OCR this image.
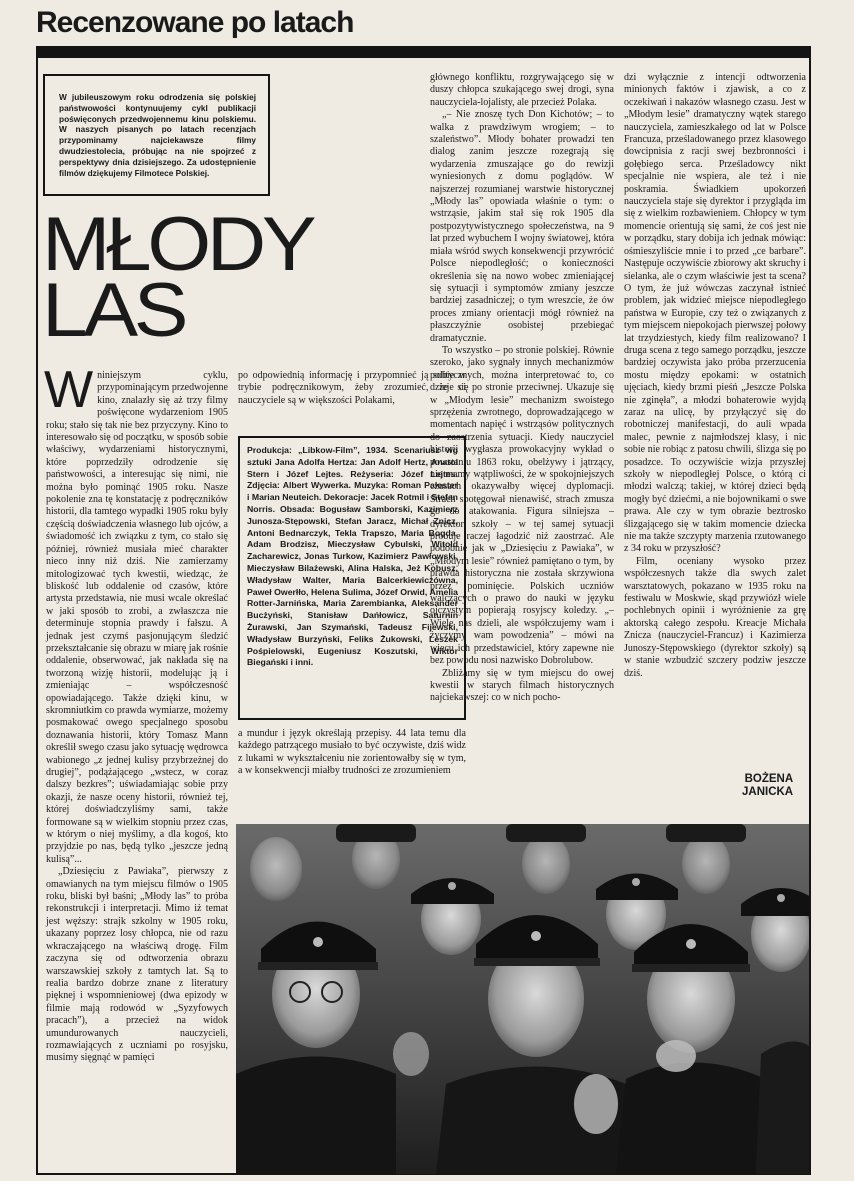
Recenzowane po latach

W jubileuszowym roku odrodzenia się polskiej państwowości kontynuujemy cykl publikacji poświęconych przedwojennemu kinu polskiemu. W naszych pisanych po latach recenzjach przypominamy najciekawsze filmy dwudziestolecia, próbując na nie spojrzeć z perspektywy dnia dzisiejszego. Za udostępnienie filmów dziękujemy Filmotece Polskiej.

MŁODY
LAS

Wniniejszym cyklu, przypominającym przedwojenne kino, znalazły się aż trzy filmy poświęcone wydarzeniom 1905 roku; stało się tak nie bez przyczyny. Kino to interesowało się od początku, w sposób sobie właściwy, wydarzeniami historycznymi, które poprzedziły odrodzenie się państwowości, a interesując się nimi, nie można było pominąć 1905 roku. Nasze pokolenie zna tę konstatację z podręczników historii, dla tamtego wypadki 1905 roku były częścią doświadczenia własnego lub ojców, a świadomość ich związku z tym, co stało się później, również musiała mieć charakter nieco inny niż dziś. Nie zamierzamy mitologizować tych kwestii, wiedząc, że bliskość lub oddalenie od czasów, które artysta przedstawia, nie musi wcale określać w jaki sposób to zrobi, a zwłaszcza nie determinuje stopnia prawdy i fałszu. A jednak jest czymś pasjonującym śledzić przekształcanie się obrazu w miarę jak rośnie oddalenie, obserwować, jak nakłada się na tworzoną wizję historii, modelując ją i zmieniając – współczesność opowiadającego. Także dzięki kinu, w skromniutkim co prawda wymiarze, możemy posmakować owego specjalnego sposobu doznawania historii, który Tomasz Mann określił swego czasu jako sytuację wędrowca wabionego „z jednej kulisy przybrzeżnej do drugiej”, podążającego „wstecz, w coraz dalszy bezkres”; uświadamiając sobie przy okazji, że nasze oceny historii, również tej, której doświadczyliśmy sami, także formowane są w wielkim stopniu przez czas, w którym o niej myślimy, a dla kogoś, kto przyjdzie po nas, będą tylko „jeszcze jedną kulisą”...

„Dziesięciu z Pawiaka”, pierwszy z omawianych na tym miejscu filmów o 1905 roku, bliski był baśni; „Młody las” to próba rekonstrukcji i interpretacji. Mimo iż temat jest węższy: strajk szkolny w 1905 roku, ukazany poprzez losy chłopca, nie od razu wkraczającego na właściwą drogę. Film zaczyna się od odtworzenia obrazu warszawskiej szkoły z tamtych lat. Są to realia bardzo dobrze znane z literatury pięknej i wspomnieniowej (dwa epizody w filmie mają rodowód w „Syzyfowych pracach”), a przecież na widok umundurowanych nauczycieli, rozmawiających z uczniami po rosyjsku, musimy sięgnąć w pamięci

po odpowiednią informację i przypomnieć ją sobie w trybie podręcznikowym, żeby zrozumieć, że ci nauczyciele są w większości Polakami,

Produkcja: „Libkow-Film”, 1934. Scenariusz wg sztuki Jana Adolfa Hertza: Jan Adolf Hertz, Anatol Stern i Józef Lejtes. Reżyseria: Józef Lejtes. Zdjęcia: Albert Wywerka. Muzyka: Roman Palester i Marian Neuteich. Dekoracje: Jacek Rotmil i Stefan Norris. Obsada: Bogusław Samborski, Kazimierz Junosza-Stępowski, Stefan Jaracz, Michał Znicz, Antoni Bednarczyk, Tekla Trapszo, Maria Bogda, Adam Brodzisz, Mieczysław Cybulski, Witold Zacharewicz, Jonas Turkow, Kazimierz Pawłowski, Mieczysław Bilażewski, Alina Halska, Jeż Kobusz, Władysław Walter, Maria Balcerkiewiczówna, Paweł Owerłło, Helena Sulima, Józef Orwid, Amelia Rotter-Jarnińska, Maria Zarembianka, Aleksander Bucżyński, Stanisław Dańłowicz, Saturnin Żurawski, Jan Szymański, Tadeusz Fijewski, Władysław Burzyński, Feliks Żukowski, Leszek Pośpielowski, Eugeniusz Koszutski, Wiktor Biegański i inni.

a mundur i język określają przepisy. 44 lata temu dla każdego patrzącego musiało to być oczywiste, dziś widz z lukami w wykształceniu nie zorientowałby się w tym, a w konsekwencji miałby trudności ze zrozumieniem

głównego konfliktu, rozgrywającego się w duszy chłopca szukającego swej drogi, syna nauczyciela-lojalisty, ale przecież Polaka.

„– Nie znoszę tych Don Kichotów; – to walka z prawdziwym wrogiem; – to szaleństwo”. Młody bohater prowadzi ten dialog zanim jeszcze rozegrają się wydarzenia zmuszające go do rewizji wyniesionych z domu poglądów. W najszerzej rozumianej warstwie historycznej „Młody las” opowiada właśnie o tym: o wstrząsie, jakim stał się rok 1905 dla postpozytywistycznego społeczeństwa, na 9 lat przed wybuchem I wojny światowej, która miała wśród swych konsekwencji przywrócić Polsce niepodległość; o konieczności określenia się na nowo wobec zmieniającej się sytuacji i symptomów zmiany jeszcze bardziej zasadniczej; o tym wreszcie, że ów proces zmiany orientacji mógł również na płaszczyźnie osobistej przebiegać dramatycznie.

To wszystko – po stronie polskiej. Równie szeroko, jako sygnały innych mechanizmów politycznych, można interpretować to, co dzieje się po stronie przeciwnej. Ukazuje się w „Młodym lesie” mechanizm swoistego sprzężenia zwrotnego, doprowadzającego w momentach napięć i wstrząsów politycznych do zaostrzenia sytuacji. Kiedy nauczyciel historii wygłasza prowokacyjny wykład o powstaniu 1863 roku, obelżywy i jątrzący, nie mamy wątpliwości, że w spokojniejszych czasach okazywałby więcej dyplomacji. Strach spotęgował nienawiść, strach zmusza go do atakowania. Figura silniejsza – dyrektor szkoły – w tej samej sytuacji próbuje raczej łagodzić niż zaostrzać. Ale podobnie jak w „Dziesięciu z Pawiaka”, w „Młodym lesie” również pamiętano o tym, by prawda historyczna nie została skrzywiona przez pominięcie. Polskich uczniów walczących o prawo do nauki w języku ojczystym popierają rosyjscy koledzy. „– Wiele nas dzieli, ale współczujemy wam i życzymy wam powodzenia” – mówi na wiecu ich przedstawiciel, który zapewne nie bez powodu nosi nazwisko Dobrolubow.

Zbliżamy się w tym miejscu do owej kwestii w starych filmach historycznych najciekawszej: co w nich pocho-

dzi wyłącznie z intencji odtworzenia minionych faktów i zjawisk, a co z oczekiwań i nakazów własnego czasu. Jest w „Młodym lesie” dramatyczny wątek starego nauczyciela, zamieszkałego od lat w Polsce Francuza, prześladowanego przez klasowego dowcipnisia z racji swej bezbronności i gołębiego serca. Prześladowcy nikt specjalnie nie wspiera, ale też i nie poskramia. Świadkiem upokorzeń nauczyciela staje się dyrektor i przygląda im się z wielkim rozbawieniem. Chłopcy w tym momencie orientują się sami, że coś jest nie w porządku, stary dobija ich jednak mówiąc: ośmieszyliście mnie i to przed „ce barbare”. Następuje oczywiście zbiorowy akt skruchy i sielanka, ale o czym właściwie jest ta scena? O tym, że już wówczas zaczynał istnieć problem, jak widzieć miejsce niepodległego państwa w Europie, czy też o związanych z tym miejscem niepokojach pierwszej połowy lat trzydziestych, kiedy film realizowano? I druga scena z tego samego porządku, jeszcze bardziej oczywista jako próba przerzucenia mostu między epokami: w ostatnich ujęciach, kiedy brzmi pieśń „Jeszcze Polska nie zginęła”, a młodzi bohaterowie wyjdą zaraz na ulicę, by przyłączyć się do robotniczej manifestacji, do auli wpada malec, pewnie z najmłodszej klasy, i nic sobie nie robiąc z patosu chwili, ślizga się po posadzce. To oczywiście wizja przyszłej szkoły w niepodległej Polsce, o którą ci młodzi walczą; takiej, w której dzieci będą mogły być dziećmi, a nie bojownikami o swe prawa. Ale czy w tym obrazie beztrosko ślizgającego się w takim momencie dziecka nie ma także szczypty marzenia rzutowanego z 34 roku w przyszłość?

Film, oceniany wysoko przez współczesnych także dla swych zalet warsztatowych, pokazano w 1935 roku na festiwalu w Moskwie, skąd przywiózł wiele pochlebnych opinii i wyróżnienie za grę aktorską całego zespołu. Kreacje Michała Znicza (nauczyciel-Francuz) i Kazimierza Junoszy-Stępowskiego (dyrektor szkoły) są w stanie wzbudzić szczery podziw jeszcze dziś.

BOŻENA
JANICKA
